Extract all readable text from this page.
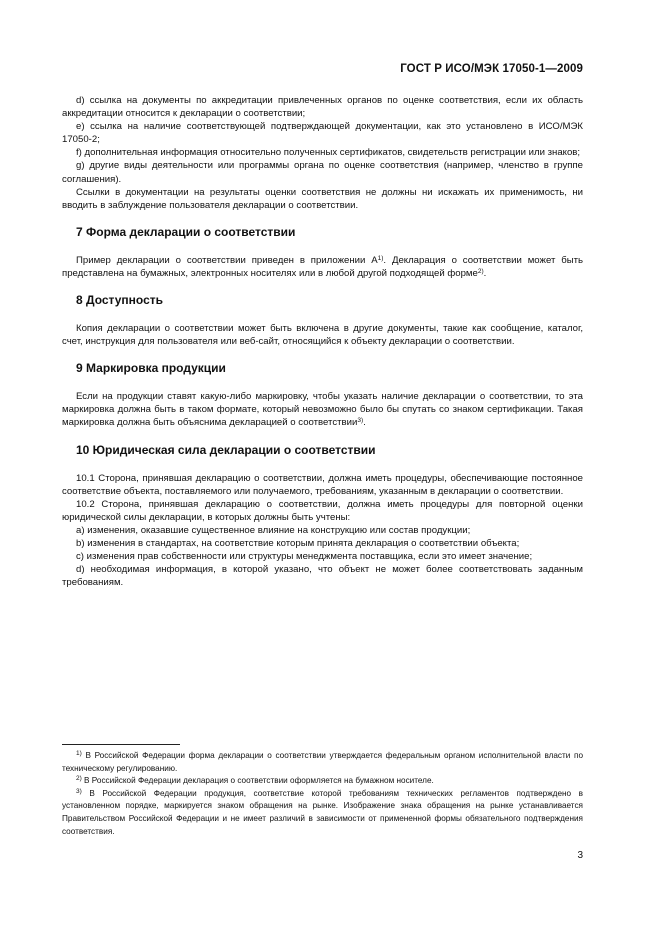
ГОСТ Р ИСО/МЭК 17050-1—2009

d) ссылка на документы по аккредитации привлеченных органов по оценке соответствия, если их область аккредитации относится к декларации о соответствии;

e) ссылка на наличие соответствующей подтверждающей документации, как это установлено в ИСО/МЭК 17050-2;

f) дополнительная информация относительно полученных сертификатов, свидетельств регистрации или знаков;

g) другие виды деятельности или программы органа по оценке соответствия (например, членство в группе соглашения).

Ссылки в документации на результаты оценки соответствия не должны ни искажать их применимость, ни вводить в заблуждение пользователя декларации о соответствии.

7 Форма декларации о соответствии

Пример декларации о соответствии приведен в приложении $А^{1)}$. Декларация о соответствии может быть представлена на бумажных, электронных носителях или в любой другой подходящей форме$^{2)}$.

8 Доступность

Копия декларации о соответствии может быть включена в другие документы, такие как сообщение, каталог, счет, инструкция для пользователя или веб-сайт, относящийся к объекту декларации о соответствии.

9 Маркировка продукции

Если на продукции ставят какую-либо маркировку, чтобы указать наличие декларации о соответствии, то эта маркировка должна быть в таком формате, который невозможно было бы спутать со знаком сертификации. Такая маркировка должна быть объяснима декларацией о соответствии$^{3)}$.

10 Юридическая сила декларации о соответствии

10.1 Сторона, принявшая декларацию о соответствии, должна иметь процедуры, обеспечивающие постоянное соответствие объекта, поставляемого или получаемого, требованиям, указанным в декларации о соответствии.

10.2 Сторона, принявшая декларацию о соответствии, должна иметь процедуры для повторной оценки юридической силы декларации, в которых должны быть учтены:

a) изменения, оказавшие существенное влияние на конструкцию или состав продукции;

b) изменения в стандартах, на соответствие которым принята декларация о соответствии объекта;

c) изменения прав собственности или структуры менеджмента поставщика, если это имеет значение;

d) необходимая информация, в которой указано, что объект не может более соответствовать заданным требованиям.

$^{1)}$ В Российской Федерации форма декларации о соответствии утверждается федеральным органом исполнительной власти по техническому регулированию.

$^{2)}$ В Российской Федерации декларация о соответствии оформляется на бумажном носителе.

$^{3)}$ В Российской Федерации продукция, соответствие которой требованиям технических регламентов подтверждено в установленном порядке, маркируется знаком обращения на рынке. Изображение знака обращения на рынке устанавливается Правительством Российской Федерации и не имеет различий в зависимости от примененной формы обязательного подтверждения соответствия.

3
